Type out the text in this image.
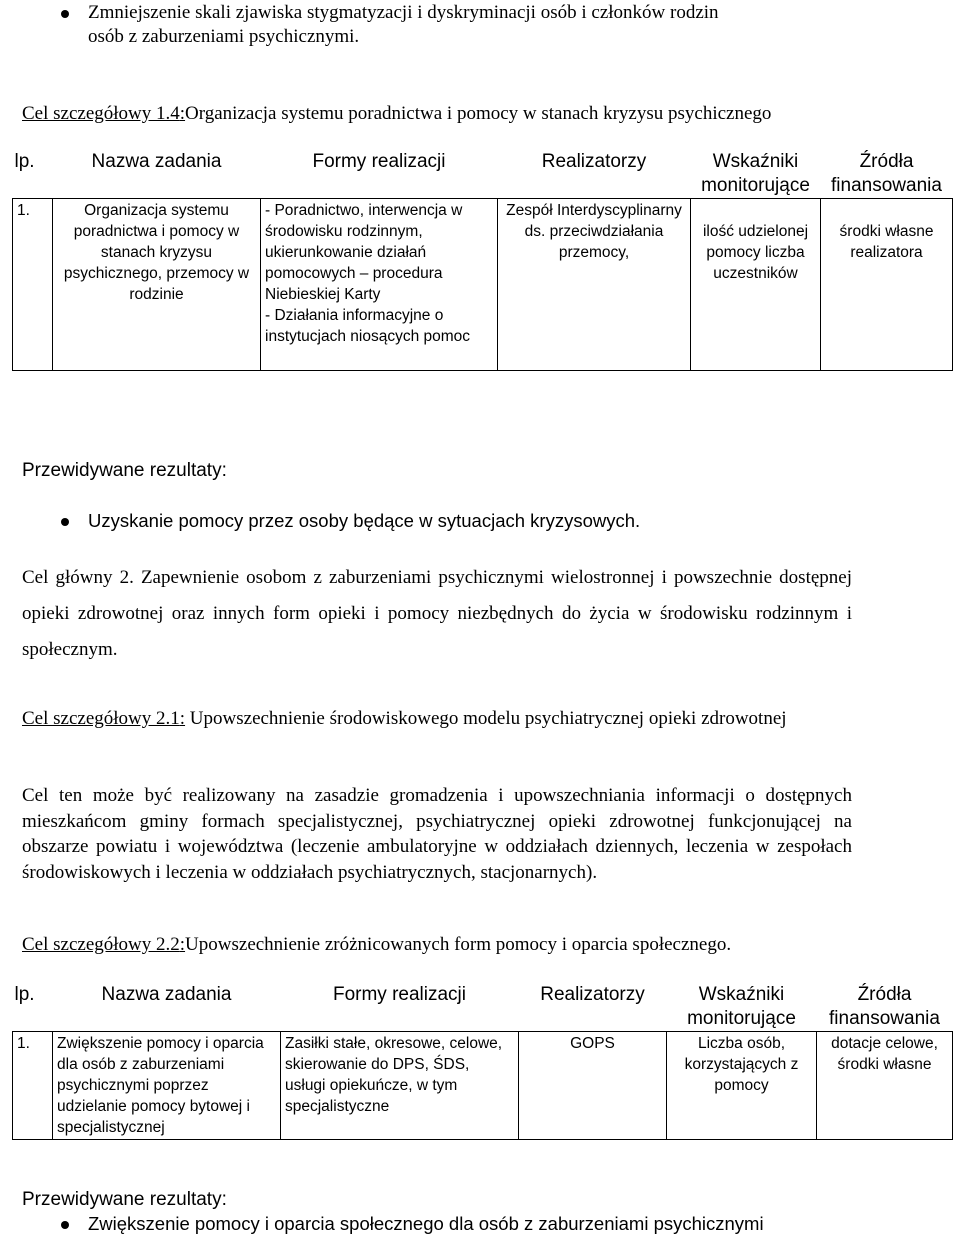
Zmniejszenie skali zjawiska stygmatyzacji i dyskryminacji osób i członków rodzin
osób z zaburzeniami psychicznymi.
Cel szczegółowy 1.4:Organizacja systemu poradnictwa i pomocy w stanach kryzysu psychicznego
lp.	Nazwa zadania	Formy realizacji	Realizatorzy	Wskaźniki monitorujące	Źródła finansowania
1.	Organizacja systemu poradnictwa i pomocy w stanach kryzysu psychicznego, przemocy w rodzinie	- Poradnictwo, interwencja w środowisku rodzinnym, ukierunkowanie działań pomocowych – procedura Niebieskiej Karty
- Działania informacyjne o instytucjach niosących pomoc	Zespół Interdyscyplinarny ds. przeciwdziałania przemocy,	ilość udzielonej pomocy liczba uczestników	środki własne realizatora
Przewidywane rezultaty:
Uzyskanie pomocy przez osoby będące w sytuacjach kryzysowych.
Cel główny 2. Zapewnienie osobom z zaburzeniami psychicznymi wielostronnej i powszechnie dostępnej opieki zdrowotnej oraz innych form opieki i pomocy niezbędnych do życia w środowisku rodzinnym i społecznym.
Cel szczegółowy 2.1: Upowszechnienie środowiskowego modelu psychiatrycznej opieki zdrowotnej
Cel ten może być realizowany na zasadzie gromadzenia i upowszechniania informacji o dostępnych mieszkańcom gminy formach specjalistycznej, psychiatrycznej opieki zdrowotnej funkcjonującej na obszarze powiatu i województwa (leczenie ambulatoryjne w oddziałach dziennych, leczenia w zespołach środowiskowych i leczenia w oddziałach psychiatrycznych, stacjonarnych).
Cel szczegółowy 2.2:Upowszechnienie zróżnicowanych form pomocy i oparcia społecznego.
lp.	Nazwa zadania	Formy realizacji	Realizatorzy	Wskaźniki monitorujące	Źródła finansowania
1.	Zwiększenie pomocy i oparcia dla osób z zaburzeniami psychicznymi poprzez udzielanie pomocy bytowej i specjalistycznej	Zasiłki stałe, okresowe, celowe, skierowanie do DPS, ŚDS, usługi opiekuńcze, w tym specjalistyczne	GOPS	Liczba osób, korzystających z pomocy	dotacje celowe, środki własne
Przewidywane rezultaty:
Zwiększenie pomocy i oparcia społecznego dla osób z zaburzeniami psychicznymi
